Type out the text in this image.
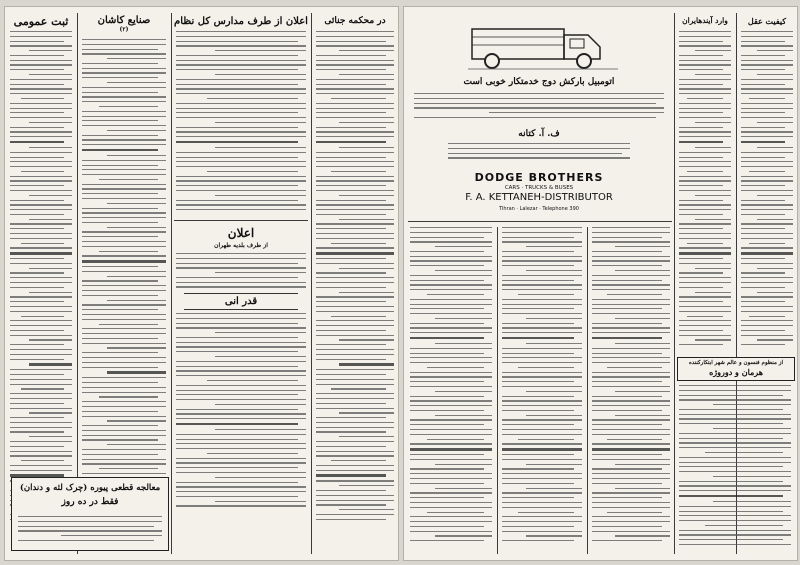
ثبت عمومی	صنایع کاشان
(۲)
اعلان از طرف مدارس کل نظام
اعلان
از طرف بلدیه طهران
قدر انی
در محکمه جنائی
معالجه قطعی پیوره (چرک لثه و دندان)
فقط در ده روز
اتومبیل بارکش دوج خدمتکار خوبی است
ف. آ. کتانه
DODGE BROTHERS
CARS · TRUCKS & BUSES
F. A. KETTANEH-DISTRIBUTOR
Tihran · Lalezar · Telephone 390
کیفیت عقل
وارد آیندهایران
از منظوم فنسون و عالم شهر ابتکارکننده
هرمان و دوروژه
